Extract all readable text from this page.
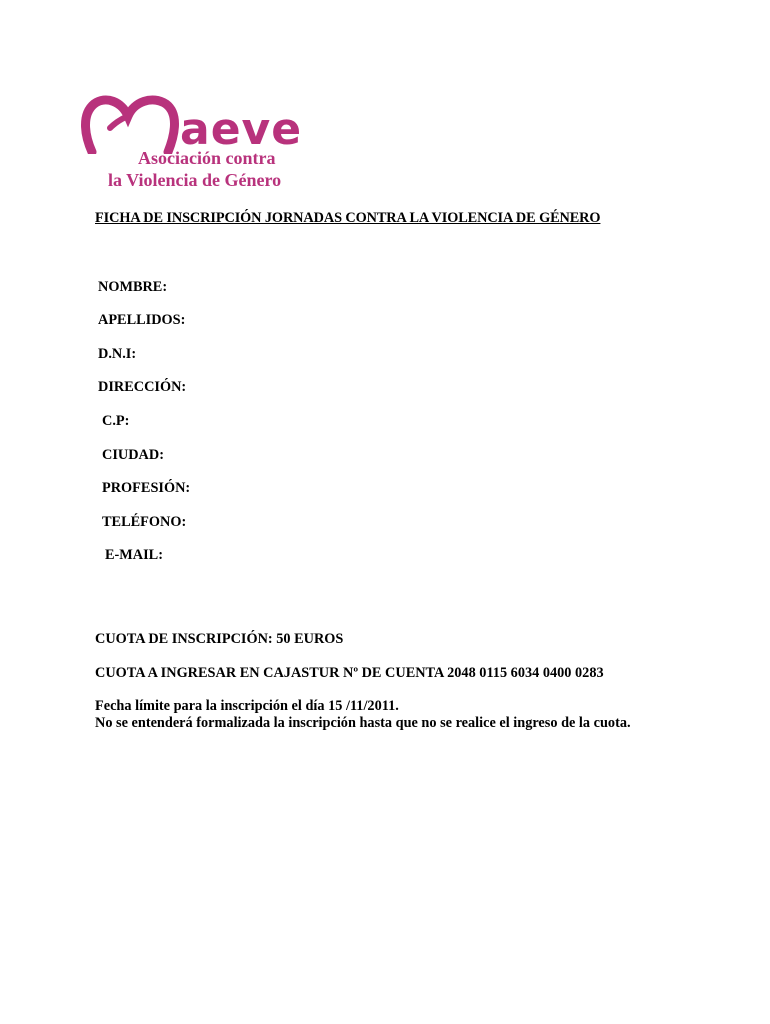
aeve
Asociación contra
la Violencia de Género
FICHA DE INSCRIPCIÓN JORNADAS CONTRA LA VIOLENCIA DE GÉNERO
NOMBRE:
APELLIDOS:
D.N.I:
DIRECCIÓN:
C.P:
CIUDAD:
PROFESIÓN:
TELÉFONO:
E-MAIL:
CUOTA DE INSCRIPCIÓN: 50 EUROS
CUOTA A INGRESAR EN CAJASTUR Nº DE CUENTA 2048 0115 6034 0400 0283
Fecha límite para la inscripción el día 15 /11/2011.
No se entenderá formalizada la inscripción hasta que no se realice el ingreso de la cuota.
